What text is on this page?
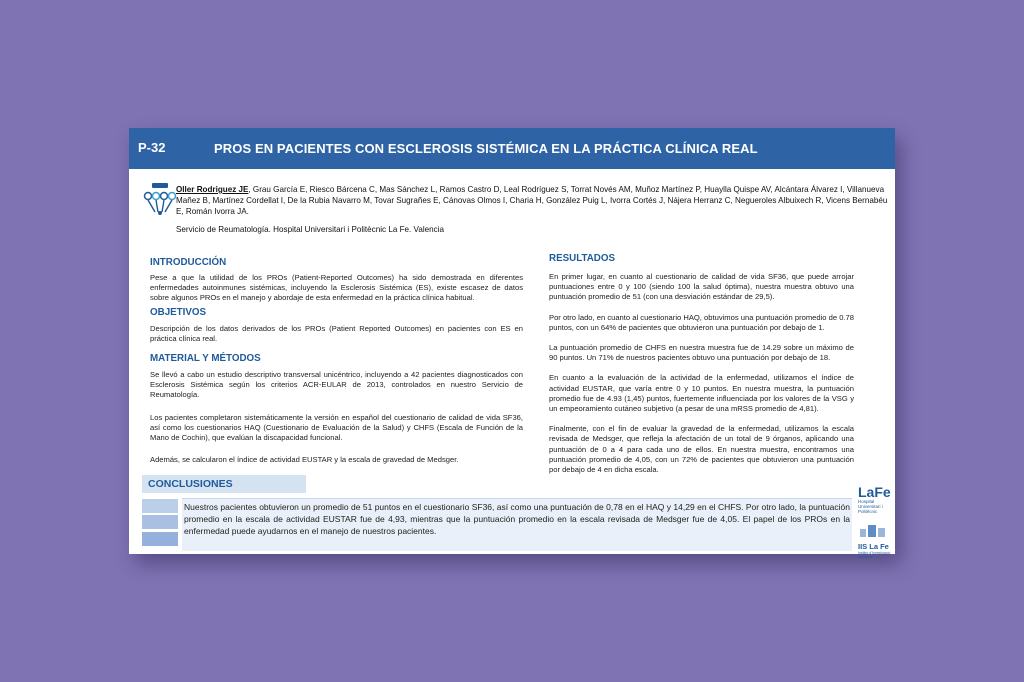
P-32	PROS EN PACIENTES CON ESCLEROSIS SISTÉMICA EN LA PRÁCTICA CLÍNICA REAL
Oller Rodriguez JE, Grau García E, Riesco Bárcena C, Mas Sánchez L, Ramos Castro D, Leal Rodríguez S, Torrat Novés AM, Muñoz Martínez P, Huaylla Quispe AV, Alcántara Álvarez I, Villanueva Mañez B, Martínez Cordellat I, De la Rubia Navarro M, Tovar Sugrañes E, Cánovas Olmos I, Charia H, González Puig L, Ivorra Cortés J, Nájera Herranz C, Negueroles Albuixech R, Vicens Bernabéu E, Román Ivorra JA.
Servicio de Reumatología. Hospital Universitari i Politècnic La Fe. Valencia
INTRODUCCIÓN

Pese a que la utilidad de los PROs (Patient-Reported Outcomes) ha sido demostrada en diferentes enfermedades autoinmunes sistémicas, incluyendo la Esclerosis Sistémica (ES), existe escasez de datos sobre algunos PROs en el manejo y abordaje de esta enfermedad en la práctica clínica habitual.

OBJETIVOS

Descripción de los datos derivados de los PROs (Patient Reported Outcomes) en pacientes con ES en práctica clínica real.

MATERIAL Y MÉTODOS

Se llevó a cabo un estudio descriptivo transversal unicéntrico, incluyendo a 42 pacientes diagnosticados con Esclerosis Sistémica según los criterios ACR-EULAR de 2013, controlados en nuestro Servicio de Reumatología.

Los pacientes completaron sistemáticamente la versión en español del cuestionario de calidad de vida SF36, así como los cuestionarios HAQ (Cuestionario de Evaluación de la Salud) y CHFS (Escala de Función de la Mano de Cochin), que evalúan la discapacidad funcional.

Además, se calcularon el índice de actividad EUSTAR y la escala de gravedad de Medsger.

RESULTADOS

En primer lugar, en cuanto al cuestionario de calidad de vida SF36, que puede arrojar puntuaciones entre 0 y 100 (siendo 100 la salud óptima), nuestra muestra obtuvo una puntuación promedio de 51 (con una desviación estándar de 29,5).

Por otro lado, en cuanto al cuestionario HAQ, obtuvimos una puntuación promedio de 0.78 puntos, con un 64% de pacientes que obtuvieron una puntuación por debajo de 1.

La puntuación promedio de CHFS en nuestra muestra fue de 14.29 sobre un máximo de 90 puntos. Un 71% de nuestros pacientes obtuvo una puntuación por debajo de 18.

En cuanto a la evaluación de la actividad de la enfermedad, utilizamos el índice de actividad EUSTAR, que varía entre 0 y 10 puntos. En nuestra muestra, la puntuación promedio fue de 4.93 (1,45) puntos, fuertemente influenciada por los valores de la VSG y un empeoramiento cutáneo subjetivo (a pesar de una mRSS promedio de 4,81).

Finalmente, con el fin de evaluar la gravedad de la enfermedad, utilizamos la escala revisada de Medsger, que refleja la afectación de un total de 9 órganos, aplicando una puntuación de 0 a 4 para cada uno de ellos. En nuestra muestra, encontramos una puntuación promedio de 4,05, con un 72% de pacientes que obtuvieron una puntuación por debajo de 4 en dicha escala.

CONCLUSIONES
Nuestros pacientes obtuvieron un promedio de 51 puntos en el cuestionario SF36, así como una puntuación de 0,78 en el HAQ y 14,29 en el CHFS. Por otro lado, la puntuación promedio en la escala de actividad EUSTAR fue de 4,93, mientras que la puntuación promedio en la escala revisada de Medsger fue de 4,05. El papel de los PROs en la enfermedad puede ayudarnos en el manejo de nuestros pacientes.
LaFe
Hospital Universitari i Politècnic
IIS La Fe
Institut d'Investigació Sanitària
